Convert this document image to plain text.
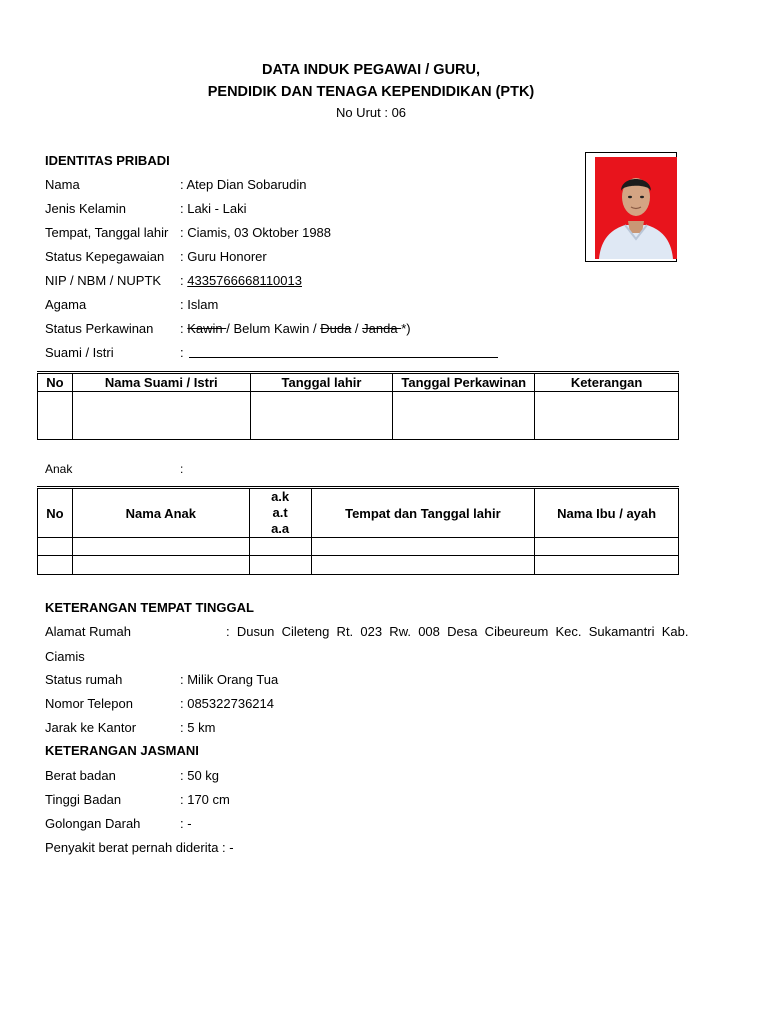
DATA INDUK PEGAWAI / GURU,
PENDIDIK DAN TENAGA KEPENDIDIKAN (PTK)
No Urut : 06
IDENTITAS PRIBADI
Nama	: Atep Dian Sobarudin
Jenis Kelamin	: Laki - Laki
Tempat, Tanggal lahir : Ciamis, 03 Oktober 1988
Status Kepegawaian : Guru Honorer
NIP / NBM / NUPTK : 4335766668110013
Agama	: Islam
Status Perkawinan : Kawin / Belum Kawin / Duda / Janda *)
Suami / Istri	:
No	Nama Suami / Istri	Tanggal lahir	Tanggal Perkawinan	Keterangan

Anak	:
No	Nama Anak	a.k
a.t
a.a	Tempat dan Tanggal lahir	Nama Ibu / ayah

KETERANGAN TEMPAT TINGGAL
Alamat Rumah	:  Dusun  Cileteng  Rt.  023  Rw.  008  Desa  Cibeureum  Kec.  Sukamantri  Kab.
Ciamis
Status rumah	: Milik Orang Tua
Nomor Telepon	: 085322736214
Jarak ke Kantor	: 5 km
KETERANGAN JASMANI
Berat badan	: 50 kg
Tinggi Badan	: 170 cm
Golongan Darah	: -
Penyakit berat pernah diderita : -
